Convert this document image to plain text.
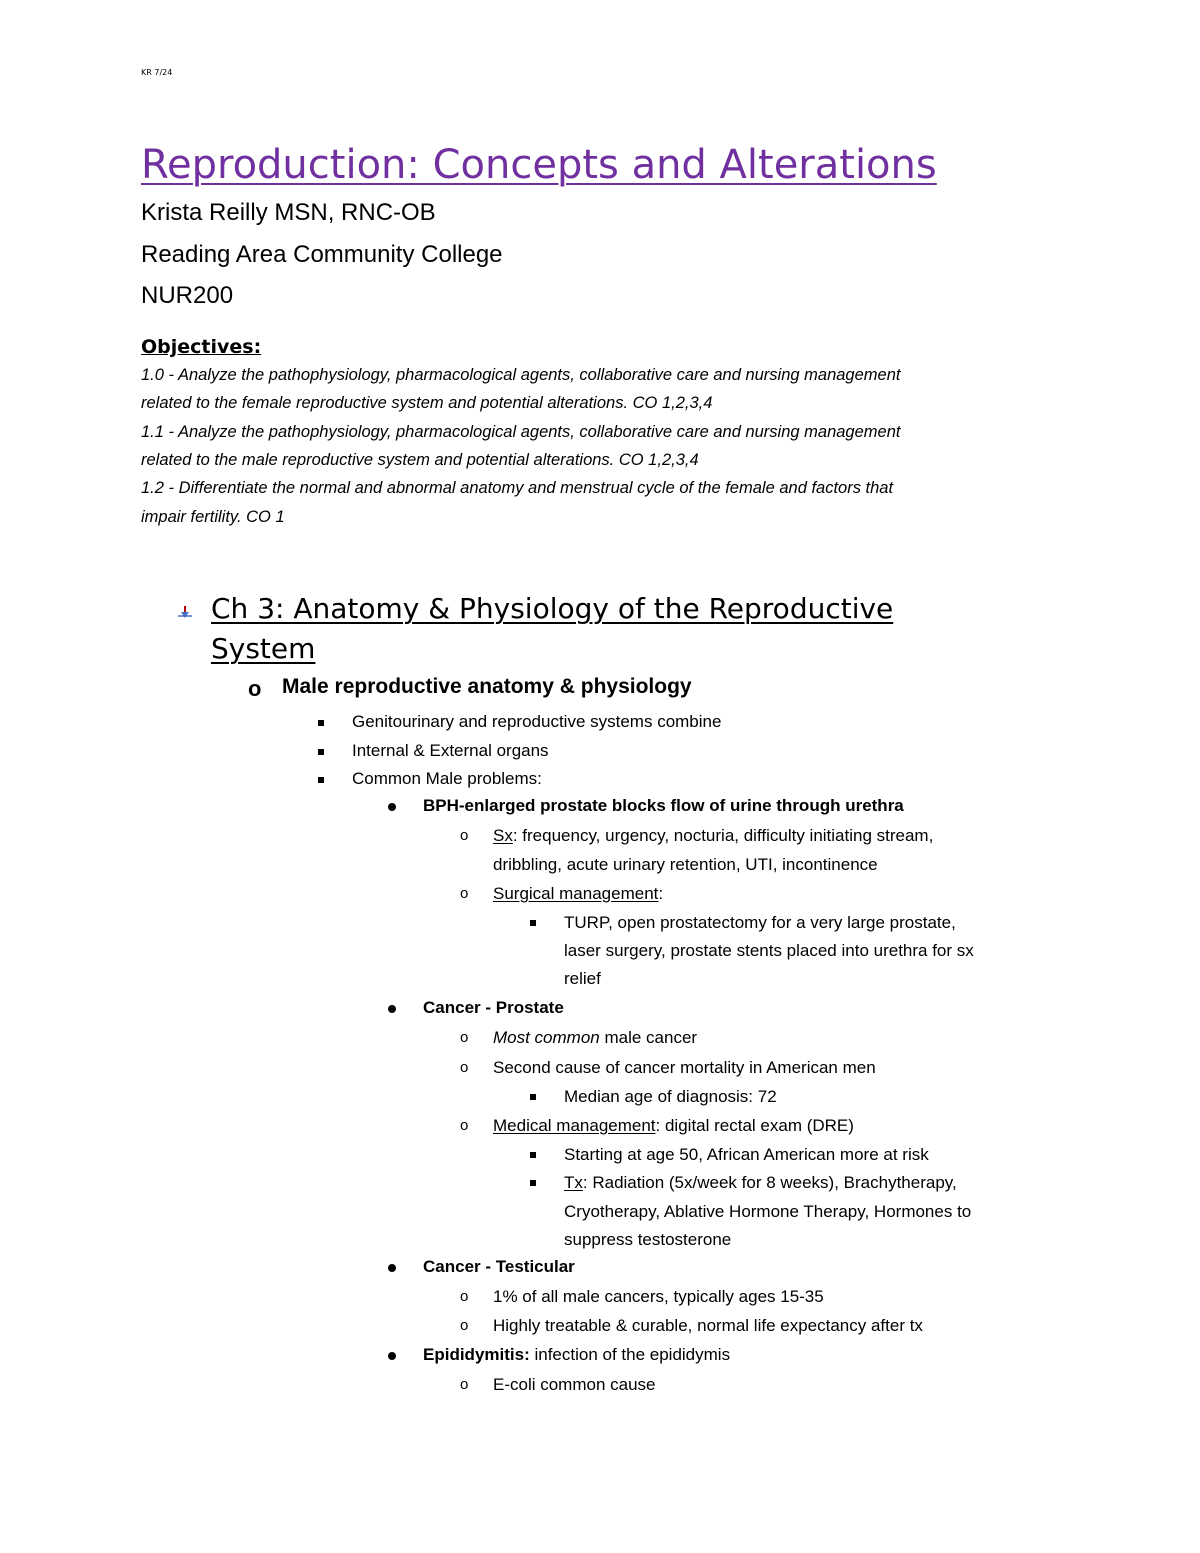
KR 7/24
Reproduction: Concepts and Alterations
Krista Reilly MSN, RNC-OB
Reading Area Community College
NUR200
Objectives:
1.0 - Analyze the pathophysiology, pharmacological agents, collaborative care and nursing management
related to the female reproductive system and potential alterations. CO 1,2,3,4
1.1 - Analyze the pathophysiology, pharmacological agents, collaborative care and nursing management
related to the male reproductive system and potential alterations. CO 1,2,3,4
1.2 - Differentiate the normal and abnormal anatomy and menstrual cycle of the female and factors that
impair fertility. CO 1
Ch 3: Anatomy & Physiology of the Reproductive
System
o Male reproductive anatomy & physiology
Genitourinary and reproductive systems combine
Internal & External organs
Common Male problems:
BPH-enlarged prostate blocks flow of urine through urethra
o Sx: frequency, urgency, nocturia, difficulty initiating stream,
dribbling, acute urinary retention, UTI, incontinence
o Surgical management:
TURP, open prostatectomy for a very large prostate,
laser surgery, prostate stents placed into urethra for sx
relief
Cancer - Prostate
o Most common male cancer
o Second cause of cancer mortality in American men
Median age of diagnosis: 72
o Medical management: digital rectal exam (DRE)
Starting at age 50, African American more at risk
Tx: Radiation (5x/week for 8 weeks), Brachytherapy,
Cryotherapy, Ablative Hormone Therapy, Hormones to
suppress testosterone
Cancer - Testicular
o 1% of all male cancers, typically ages 15-35
o Highly treatable & curable, normal life expectancy after tx
Epididymitis: infection of the epididymis
o E-coli common cause
